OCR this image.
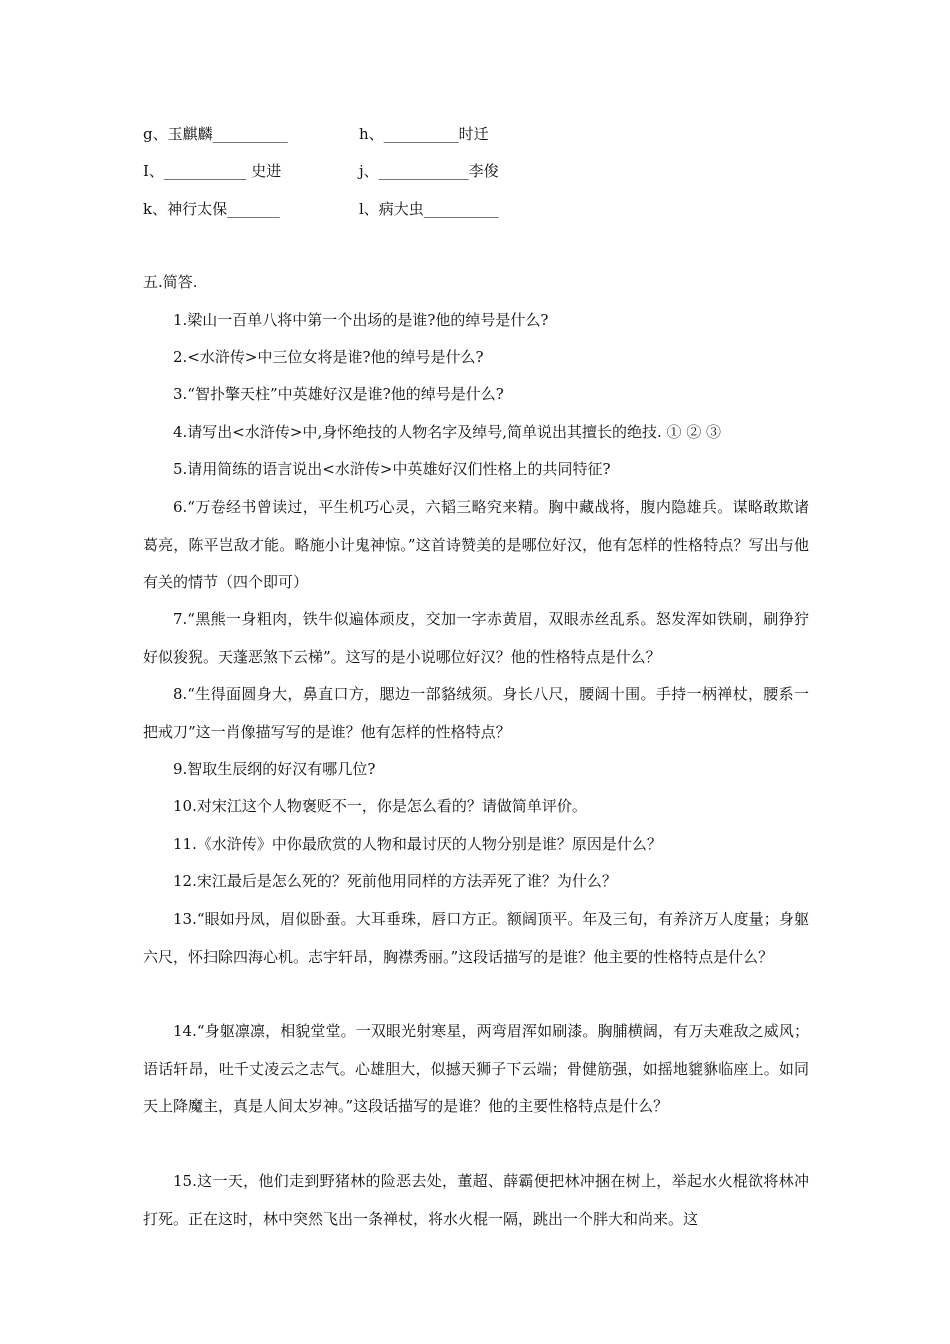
g、玉麒麟__________	h、__________时迁
I、___________ 史进	j、____________李俊
k、神行太保_______	l、病大虫__________
五.简答.
1.梁山一百单八将中第一个出场的是谁?他的绰号是什么?
2.<水浒传>中三位女将是谁?他的绰号是什么?
3.“智扑擎天柱”中英雄好汉是谁?他的绰号是什么?
4.请写出<水浒传>中,身怀绝技的人物名字及绰号,简单说出其擅长的绝技. ① ② ③
5.请用简练的语言说出<水浒传>中英雄好汉们性格上的共同特征?
6.“万卷经书曾读过，平生机巧心灵，六韬三略究来精。胸中藏战将，腹内隐雄兵。谋略敢欺诸葛亮，陈平岂敌才能。略施小计鬼神惊。”这首诗赞美的是哪位好汉，他有怎样的性格特点？写出与他有关的情节（四个即可）
7.“黑熊一身粗肉，铁牛似遍体顽皮，交加一字赤黄眉，双眼赤丝乱系。怒发浑如铁刷，刷狰狞好似狻猊。天蓬恶煞下云梯”。这写的是小说哪位好汉？他的性格特点是什么？
8.“生得面圆身大，鼻直口方，腮边一部貉绒须。身长八尺，腰阔十围。手持一柄禅杖，腰系一把戒刀”这一肖像描写写的是谁？他有怎样的性格特点？
9.智取生辰纲的好汉有哪几位?
10.对宋江这个人物褒贬不一，你是怎么看的？请做简单评价。
11.《水浒传》中你最欣赏的人物和最讨厌的人物分别是谁？原因是什么？
12.宋江最后是怎么死的？死前他用同样的方法弄死了谁？为什么？
13.“眼如丹凤，眉似卧蚕。大耳垂珠，唇口方正。额阔顶平。年及三旬，有养济万人度量；身躯六尺，怀扫除四海心机。志宇轩昂，胸襟秀丽。”这段话描写的是谁？他主要的性格特点是什么？
14.“身躯凛凛，相貌堂堂。一双眼光射寒星，两弯眉浑如刷漆。胸脯横阔，有万夫难敌之威风；语话轩昂，吐千丈凌云之志气。心雄胆大，似撼天狮子下云端；骨健筋强，如摇地貔貅临座上。如同天上降魔主，真是人间太岁神。”这段话描写的是谁？他的主要性格特点是什么？
15.这一天，他们走到野猪林的险恶去处，董超、薛霸便把林冲捆在树上，举起水火棍欲将林冲打死。正在这时，林中突然飞出一条禅杖，将水火棍一隔，跳出一个胖大和尚来。这
